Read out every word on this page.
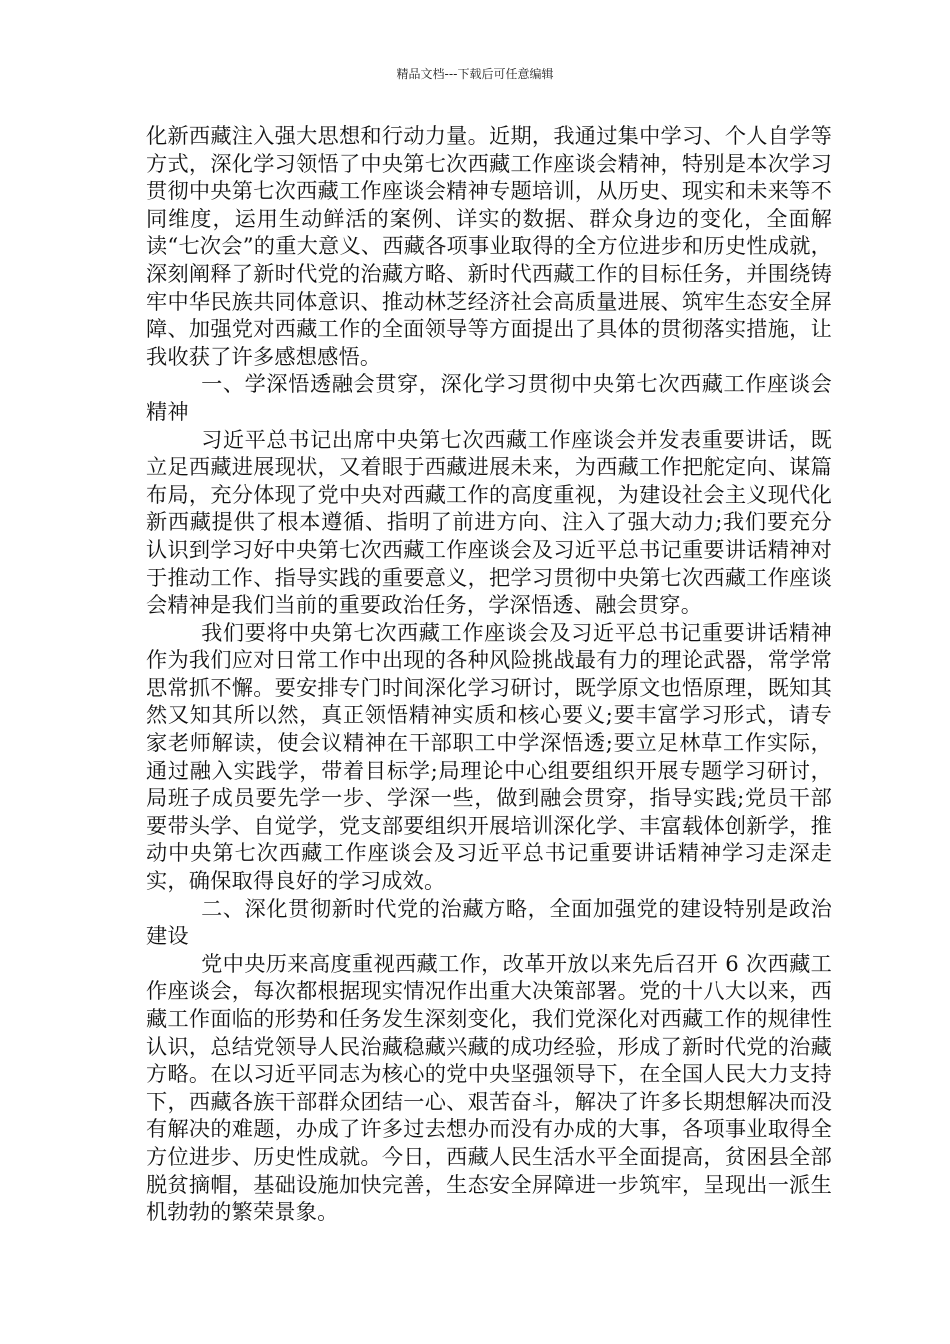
精品文档---下载后可任意编辑

化新西藏注入强大思想和行动力量。近期，我通过集中学习、个人自学等方式，深化学习领悟了中央第七次西藏工作座谈会精神，特别是本次学习贯彻中央第七次西藏工作座谈会精神专题培训，从历史、现实和未来等不同维度，运用生动鲜活的案例、详实的数据、群众身边的变化，全面解读“七次会”的重大意义、西藏各项事业取得的全方位进步和历史性成就，深刻阐释了新时代党的治藏方略、新时代西藏工作的目标任务，并围绕铸牢中华民族共同体意识、推动林芝经济社会高质量进展、筑牢生态安全屏障、加强党对西藏工作的全面领导等方面提出了具体的贯彻落实措施，让我收获了许多感想感悟。

一、学深悟透融会贯穿，深化学习贯彻中央第七次西藏工作座谈会精神

习近平总书记出席中央第七次西藏工作座谈会并发表重要讲话，既立足西藏进展现状，又着眼于西藏进展未来，为西藏工作把舵定向、谋篇布局，充分体现了党中央对西藏工作的高度重视，为建设社会主义现代化新西藏提供了根本遵循、指明了前进方向、注入了强大动力;我们要充分认识到学习好中央第七次西藏工作座谈会及习近平总书记重要讲话精神对于推动工作、指导实践的重要意义，把学习贯彻中央第七次西藏工作座谈会精神是我们当前的重要政治任务，学深悟透、融会贯穿。

我们要将中央第七次西藏工作座谈会及习近平总书记重要讲话精神作为我们应对日常工作中出现的各种风险挑战最有力的理论武器，常学常思常抓不懈。要安排专门时间深化学习研讨，既学原文也悟原理，既知其然又知其所以然，真正领悟精神实质和核心要义;要丰富学习形式，请专家老师解读，使会议精神在干部职工中学深悟透;要立足林草工作实际，通过融入实践学，带着目标学;局理论中心组要组织开展专题学习研讨，局班子成员要先学一步、学深一些，做到融会贯穿，指导实践;党员干部要带头学、自觉学，党支部要组织开展培训深化学、丰富载体创新学，推动中央第七次西藏工作座谈会及习近平总书记重要讲话精神学习走深走实，确保取得良好的学习成效。

二、深化贯彻新时代党的治藏方略，全面加强党的建设特别是政治建设

党中央历来高度重视西藏工作，改革开放以来先后召开 6 次西藏工作座谈会，每次都根据现实情况作出重大决策部署。党的十八大以来，西藏工作面临的形势和任务发生深刻变化，我们党深化对西藏工作的规律性认识，总结党领导人民治藏稳藏兴藏的成功经验，形成了新时代党的治藏方略。在以习近平同志为核心的党中央坚强领导下，在全国人民大力支持下，西藏各族干部群众团结一心、艰苦奋斗，解决了许多长期想解决而没有解决的难题，办成了许多过去想办而没有办成的大事，各项事业取得全方位进步、历史性成就。今日，西藏人民生活水平全面提高，贫困县全部脱贫摘帽，基础设施加快完善，生态安全屏障进一步筑牢，呈现出一派生机勃勃的繁荣景象。
